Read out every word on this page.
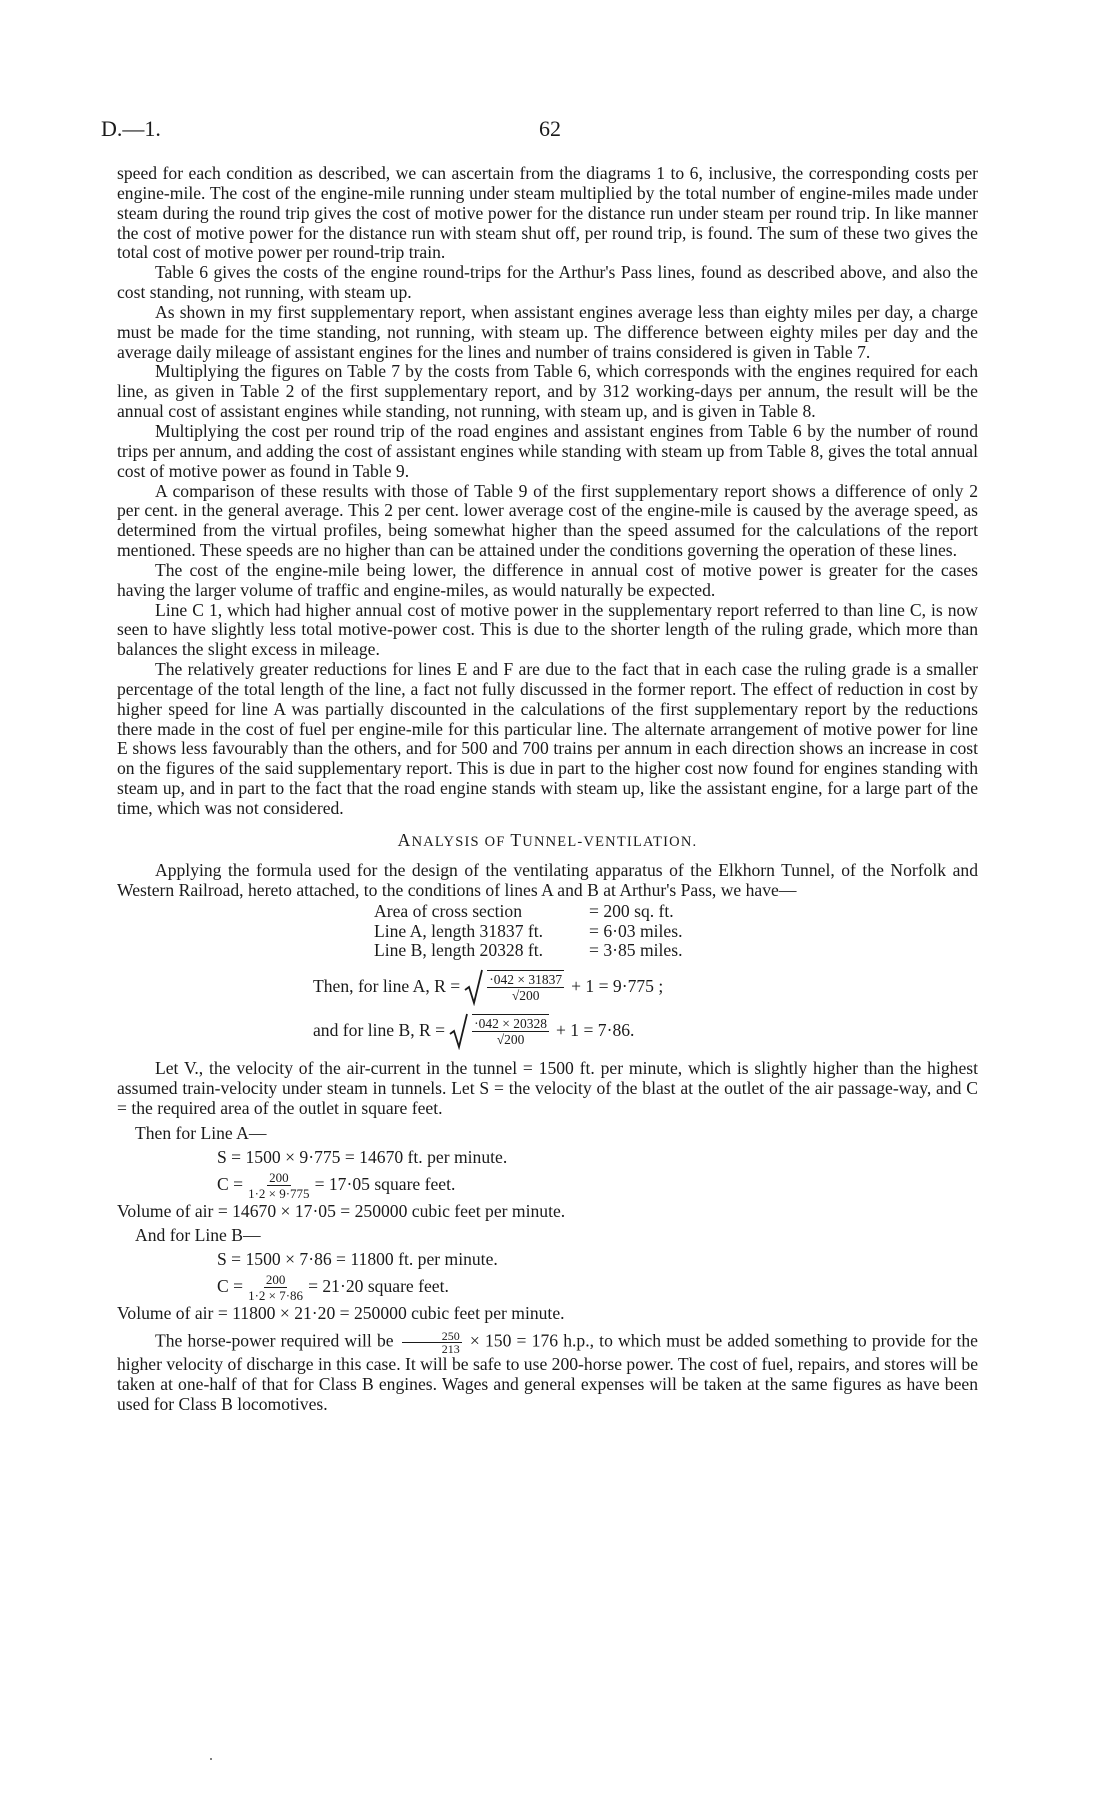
D.—1.	62

speed for each condition as described, we can ascertain from the diagrams 1 to 6, inclusive, the corresponding costs per engine-mile. The cost of the engine-mile running under steam multiplied by the total number of engine-miles made under steam during the round trip gives the cost of motive power for the distance run under steam per round trip. In like manner the cost of motive power for the distance run with steam shut off, per round trip, is found. The sum of these two gives the total cost of motive power per round-trip train.

Table 6 gives the costs of the engine round-trips for the Arthur's Pass lines, found as described above, and also the cost standing, not running, with steam up.

As shown in my first supplementary report, when assistant engines average less than eighty miles per day, a charge must be made for the time standing, not running, with steam up. The difference between eighty miles per day and the average daily mileage of assistant engines for the lines and number of trains considered is given in Table 7.

Multiplying the figures on Table 7 by the costs from Table 6, which corresponds with the engines required for each line, as given in Table 2 of the first supplementary report, and by 312 working-days per annum, the result will be the annual cost of assistant engines while standing, not running, with steam up, and is given in Table 8.

Multiplying the cost per round trip of the road engines and assistant engines from Table 6 by the number of round trips per annum, and adding the cost of assistant engines while standing with steam up from Table 8, gives the total annual cost of motive power as found in Table 9.

A comparison of these results with those of Table 9 of the first supplementary report shows a difference of only 2 per cent. in the general average. This 2 per cent. lower average cost of the engine-mile is caused by the average speed, as determined from the virtual profiles, being somewhat higher than the speed assumed for the calculations of the report mentioned. These speeds are no higher than can be attained under the conditions governing the operation of these lines.

The cost of the engine-mile being lower, the difference in annual cost of motive power is greater for the cases having the larger volume of traffic and engine-miles, as would naturally be expected.

Line C 1, which had higher annual cost of motive power in the supplementary report referred to than line C, is now seen to have slightly less total motive-power cost. This is due to the shorter length of the ruling grade, which more than balances the slight excess in mileage.

The relatively greater reductions for lines E and F are due to the fact that in each case the ruling grade is a smaller percentage of the total length of the line, a fact not fully discussed in the former report. The effect of reduction in cost by higher speed for line A was partially discounted in the calculations of the first supplementary report by the reductions there made in the cost of fuel per engine-mile for this particular line. The alternate arrangement of motive power for line E shows less favourably than the others, and for 500 and 700 trains per annum in each direction shows an increase in cost on the figures of the said supplementary report. This is due in part to the higher cost now found for engines standing with steam up, and in part to the fact that the road engine stands with steam up, like the assistant engine, for a large part of the time, which was not considered.

ANALYSIS OF TUNNEL-VENTILATION.

Applying the formula used for the design of the ventilating apparatus of the Elkhorn Tunnel, of the Norfolk and Western Railroad, hereto attached, to the conditions of lines A and B at Arthur's Pass, we have—

Area of cross section	= 200 sq. ft.
Line A, length 31837 ft.	= 6·03 miles.
Line B, length 20328 ft.	= 3·85 miles.
Then, for line A, $R = \frac{\cdot 042 \times 31837}{√200} + 1 = 9\cdot 775$ ;
and for line B, $R = \frac{\cdot 042 \times 20328}{√200} + 1 = 7\cdot 86$.

Let V., the velocity of the air-current in the tunnel = 1500 ft. per minute, which is slightly higher than the highest assumed train-velocity under steam in tunnels. Let S = the velocity of the blast at the outlet of the air passage-way, and C = the required area of the outlet in square feet.

Then for Line A—
S = 1500 × 9·775 = 14670 ft. per minute.
$C = \frac{200}{1\cdot 2 \times 9\cdot 775} = 17\cdot 05$ square feet.
Volume of air = 14670 × 17·05 = 250000 cubic feet per minute.
And for Line B—
S = 1500 × 7·86 = 11800 ft. per minute.
$C = \frac{200}{1\cdot 2 \times 7\cdot 86} = 21\cdot 20$ square feet.
Volume of air = 11800 × 21·20 = 250000 cubic feet per minute.

The horse-power required will be $\frac{250}{213} \times 150 = 176$ h.p., to which must be added something to provide for the higher velocity of discharge in this case. It will be safe to use 200-horse power. The cost of fuel, repairs, and stores will be taken at one-half of that for Class B engines. Wages and general expenses will be taken at the same figures as have been used for Class B locomotives.
